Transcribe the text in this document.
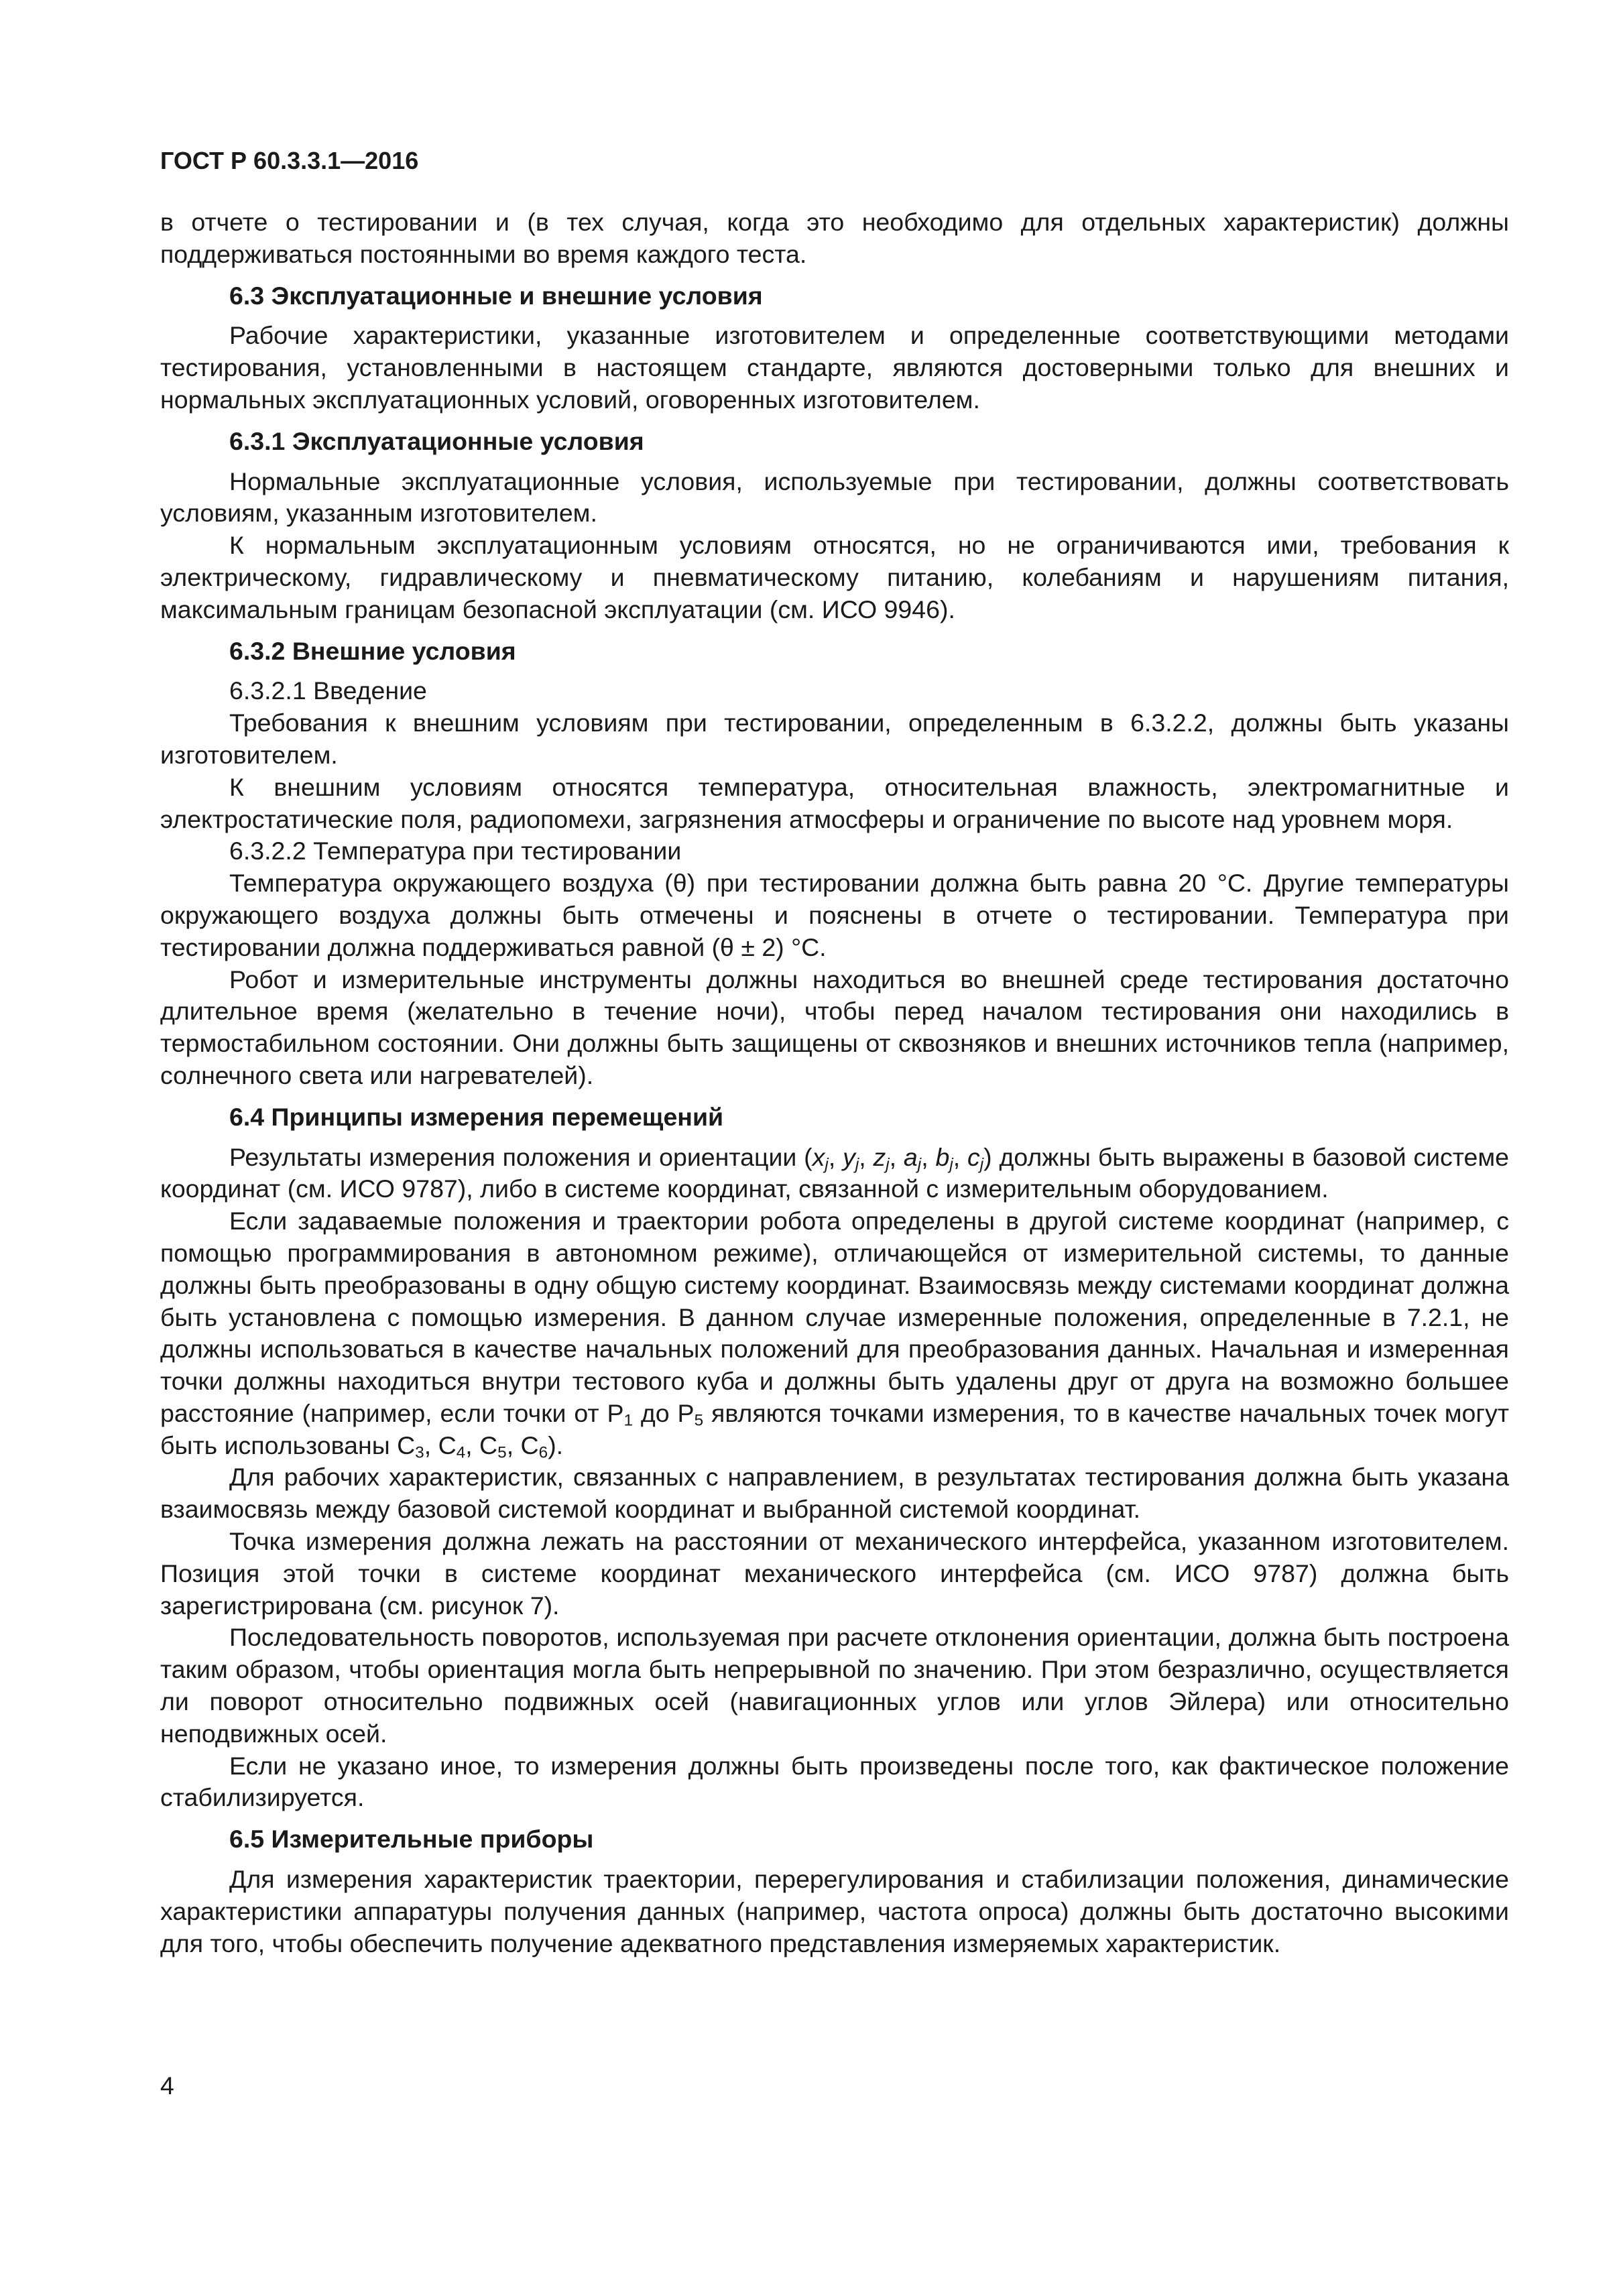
ГОСТ Р 60.3.3.1—2016

в отчете о тестировании и (в тех случая, когда это необходимо для отдельных характеристик) должны поддерживаться постоянными во время каждого теста.

6.3 Эксплуатационные и внешние условия

Рабочие характеристики, указанные изготовителем и определенные соответствующими методами тестирования, установленными в настоящем стандарте, являются достоверными только для внешних и нормальных эксплуатационных условий, оговоренных изготовителем.

6.3.1 Эксплуатационные условия

Нормальные эксплуатационные условия, используемые при тестировании, должны соответствовать условиям, указанным изготовителем.

К нормальным эксплуатационным условиям относятся, но не ограничиваются ими, требования к электрическому, гидравлическому и пневматическому питанию, колебаниям и нарушениям питания, максимальным границам безопасной эксплуатации (см. ИСО 9946).

6.3.2 Внешние условия

6.3.2.1 Введение

Требования к внешним условиям при тестировании, определенным в 6.3.2.2, должны быть указаны изготовителем.

К внешним условиям относятся температура, относительная влажность, электромагнитные и электростатические поля, радиопомехи, загрязнения атмосферы и ограничение по высоте над уровнем моря.

6.3.2.2 Температура при тестировании

Температура окружающего воздуха (θ) при тестировании должна быть равна 20 °С. Другие температуры окружающего воздуха должны быть отмечены и пояснены в отчете о тестировании. Температура при тестировании должна поддерживаться равной (θ ± 2) °С.

Робот и измерительные инструменты должны находиться во внешней среде тестирования достаточно длительное время (желательно в течение ночи), чтобы перед началом тестирования они находились в термостабильном состоянии. Они должны быть защищены от сквозняков и внешних источников тепла (например, солнечного света или нагревателей).

6.4 Принципы измерения перемещений

Результаты измерения положения и ориентации ($x_j$, $y_j$, $z_j$, $a_j$, $b_j$, $c_j$) должны быть выражены в базовой системе координат (см. ИСО 9787), либо в системе координат, связанной с измерительным оборудованием.

Если задаваемые положения и траектории робота определены в другой системе координат (например, с помощью программирования в автономном режиме), отличающейся от измерительной системы, то данные должны быть преобразованы в одну общую систему координат. Взаимосвязь между системами координат должна быть установлена с помощью измерения. В данном случае измеренные положения, определенные в 7.2.1, не должны использоваться в качестве начальных положений для преобразования данных. Начальная и измеренная точки должны находиться внутри тестового куба и должны быть удалены друг от друга на возможно большее расстояние (например, если точки от $P_1$ до $P_5$ являются точками измерения, то в качестве начальных точек могут быть использованы $C_3$, $C_4$, $C_5$, $C_6$).

Для рабочих характеристик, связанных с направлением, в результатах тестирования должна быть указана взаимосвязь между базовой системой координат и выбранной системой координат.

Точка измерения должна лежать на расстоянии от механического интерфейса, указанном изготовителем. Позиция этой точки в системе координат механического интерфейса (см. ИСО 9787) должна быть зарегистрирована (см. рисунок 7).

Последовательность поворотов, используемая при расчете отклонения ориентации, должна быть построена таким образом, чтобы ориентация могла быть непрерывной по значению. При этом безразлично, осуществляется ли поворот относительно подвижных осей (навигационных углов или углов Эйлера) или относительно неподвижных осей.

Если не указано иное, то измерения должны быть произведены после того, как фактическое положение стабилизируется.

6.5 Измерительные приборы

Для измерения характеристик траектории, перерегулирования и стабилизации положения, динамические характеристики аппаратуры получения данных (например, частота опроса) должны быть достаточно высокими для того, чтобы обеспечить получение адекватного представления измеряемых характеристик.

4
